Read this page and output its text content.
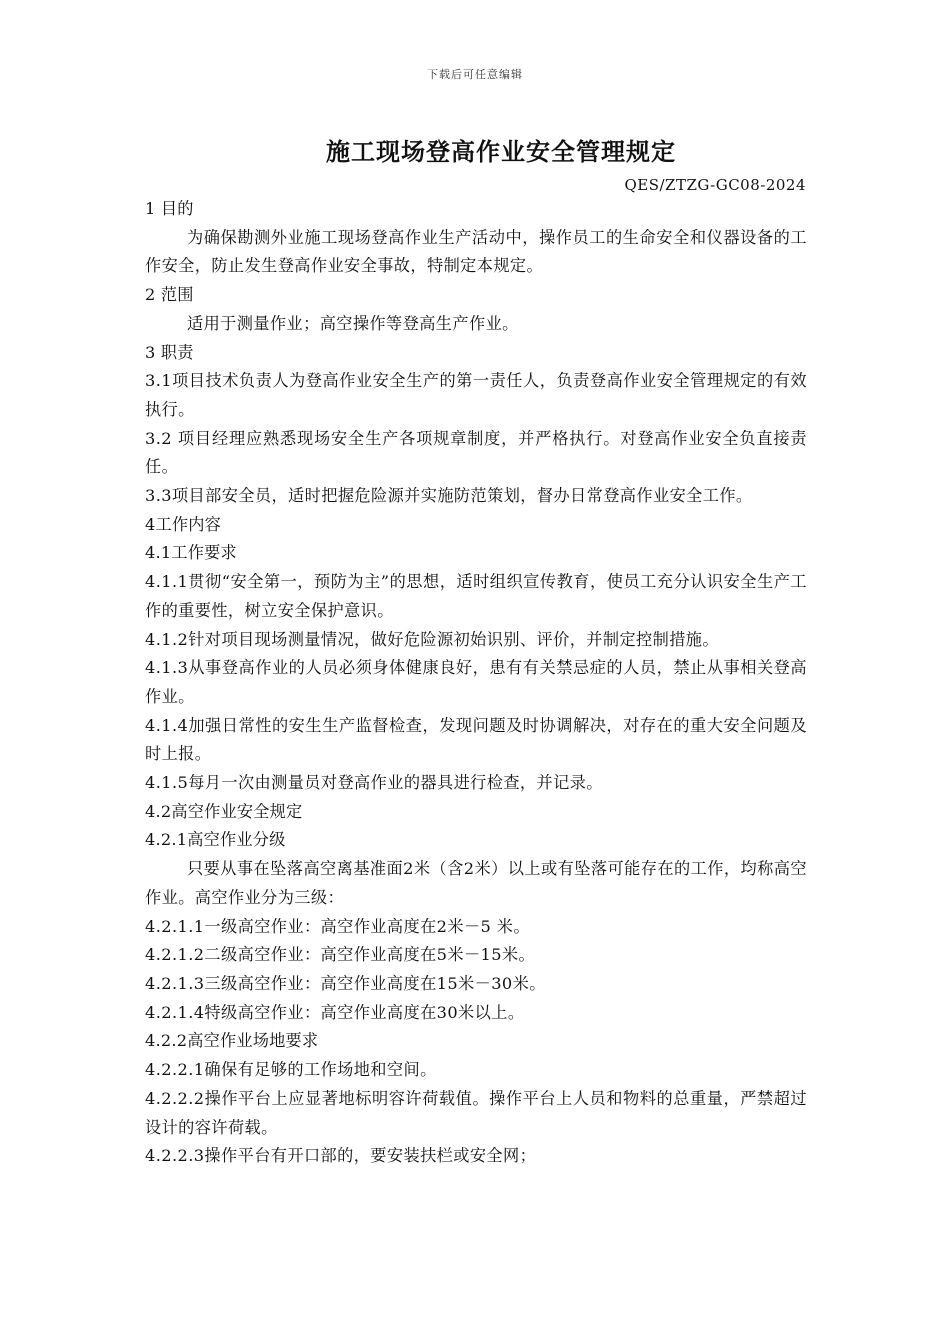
下载后可任意编辑
施工现场登高作业安全管理规定
QES/ZTZG-GC08-2024

1 目的

为确保勘测外业施工现场登高作业生产活动中，操作员工的生命安全和仪器设备的工作安全，防止发生登高作业安全事故，特制定本规定。

2 范围

适用于测量作业；高空操作等登高生产作业。

3 职责

3.1项目技术负责人为登高作业安全生产的第一责任人，负责登高作业安全管理规定的有效执行。

3.2 项目经理应熟悉现场安全生产各项规章制度，并严格执行。对登高作业安全负直接责任。

3.3项目部安全员，适时把握危险源并实施防范策划，督办日常登高作业安全工作。

4工作内容

4.1工作要求

4.1.1贯彻“安全第一，预防为主”的思想，适时组织宣传教育，使员工充分认识安全生产工作的重要性，树立安全保护意识。

4.1.2针对项目现场测量情况，做好危险源初始识别、评价，并制定控制措施。

4.1.3从事登高作业的人员必须身体健康良好，患有有关禁忌症的人员，禁止从事相关登高作业。

4.1.4加强日常性的安生生产监督检查，发现问题及时协调解决，对存在的重大安全问题及时上报。

4.1.5每月一次由测量员对登高作业的器具进行检查，并记录。

4.2高空作业安全规定

4.2.1高空作业分级

只要从事在坠落高空离基准面2米（含2米）以上或有坠落可能存在的工作，均称高空作业。高空作业分为三级：

4.2.1.1一级高空作业：高空作业高度在2米－5 米。

4.2.1.2二级高空作业：高空作业高度在5米－15米。

4.2.1.3三级高空作业：高空作业高度在15米－30米。

4.2.1.4特级高空作业：高空作业高度在30米以上。

4.2.2高空作业场地要求

4.2.2.1确保有足够的工作场地和空间。

4.2.2.2操作平台上应显著地标明容许荷载值。操作平台上人员和物料的总重量，严禁超过设计的容许荷载。

4.2.2.3操作平台有开口部的，要安装扶栏或安全网；
